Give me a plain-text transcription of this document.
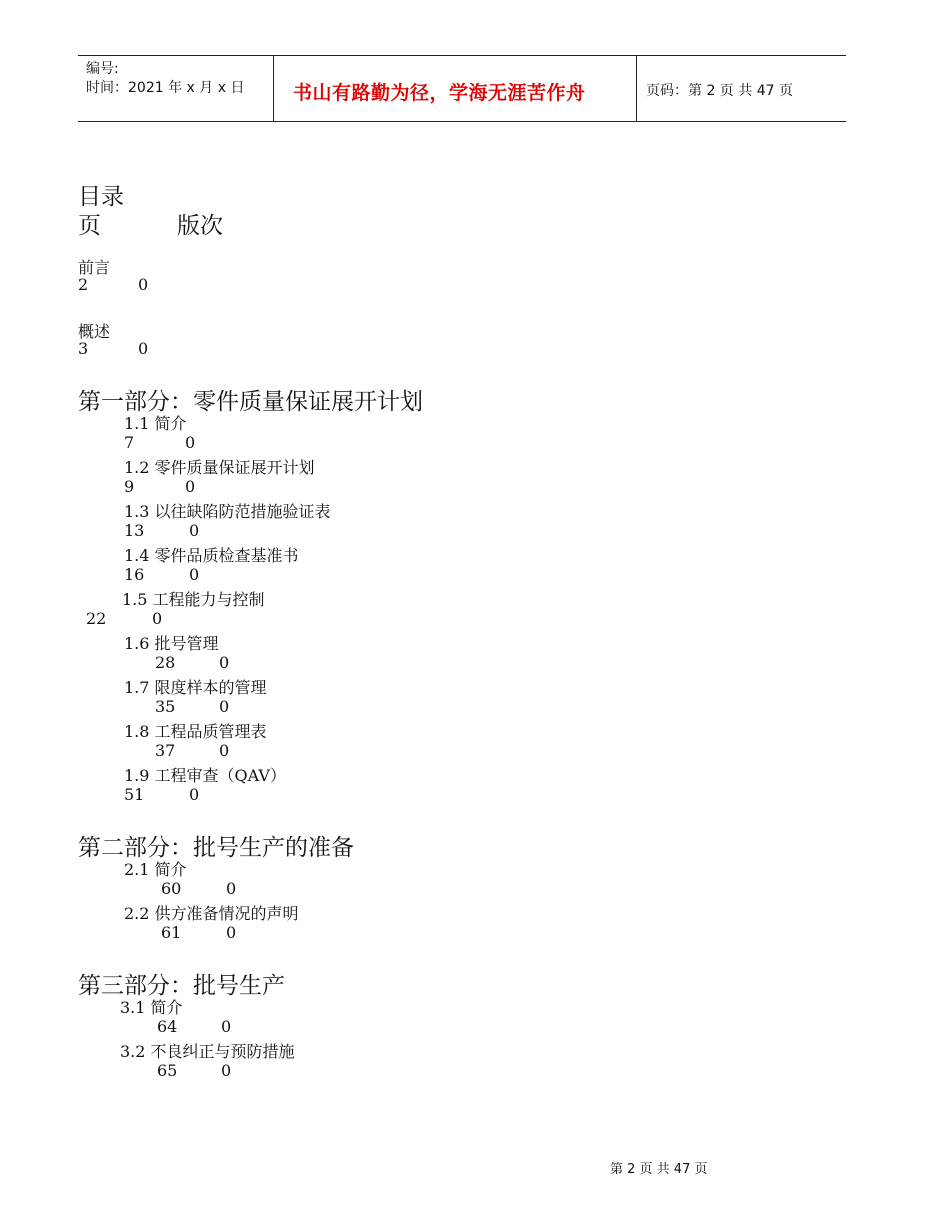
编号:
时间：2021 年 x 月 x 日	书山有路勤为径，学海无涯苦作舟	页码：第 2 页 共 47 页
目录
页	版次
前言
2	0
概述
3	0
第一部分：零件质量保证展开计划
1.1 简介
7	0
1.2 零件质量保证展开计划
9	0
1.3 以往缺陷防范措施验证表
13	0
1.4 零件品质检查基准书
16	0
1.5 工程能力与控制
22	0
1.6 批号管理
28	0
1.7 限度样本的管理
35	0
1.8 工程品质管理表
37	0
1.9 工程审查（QAV）
51	0
第二部分：批号生产的准备
2.1 简介
60	0
2.2 供方准备情况的声明
61	0
第三部分：批号生产
3.1 简介
64	0
3.2 不良纠正与预防措施
65	0
第 2 页 共 47 页
